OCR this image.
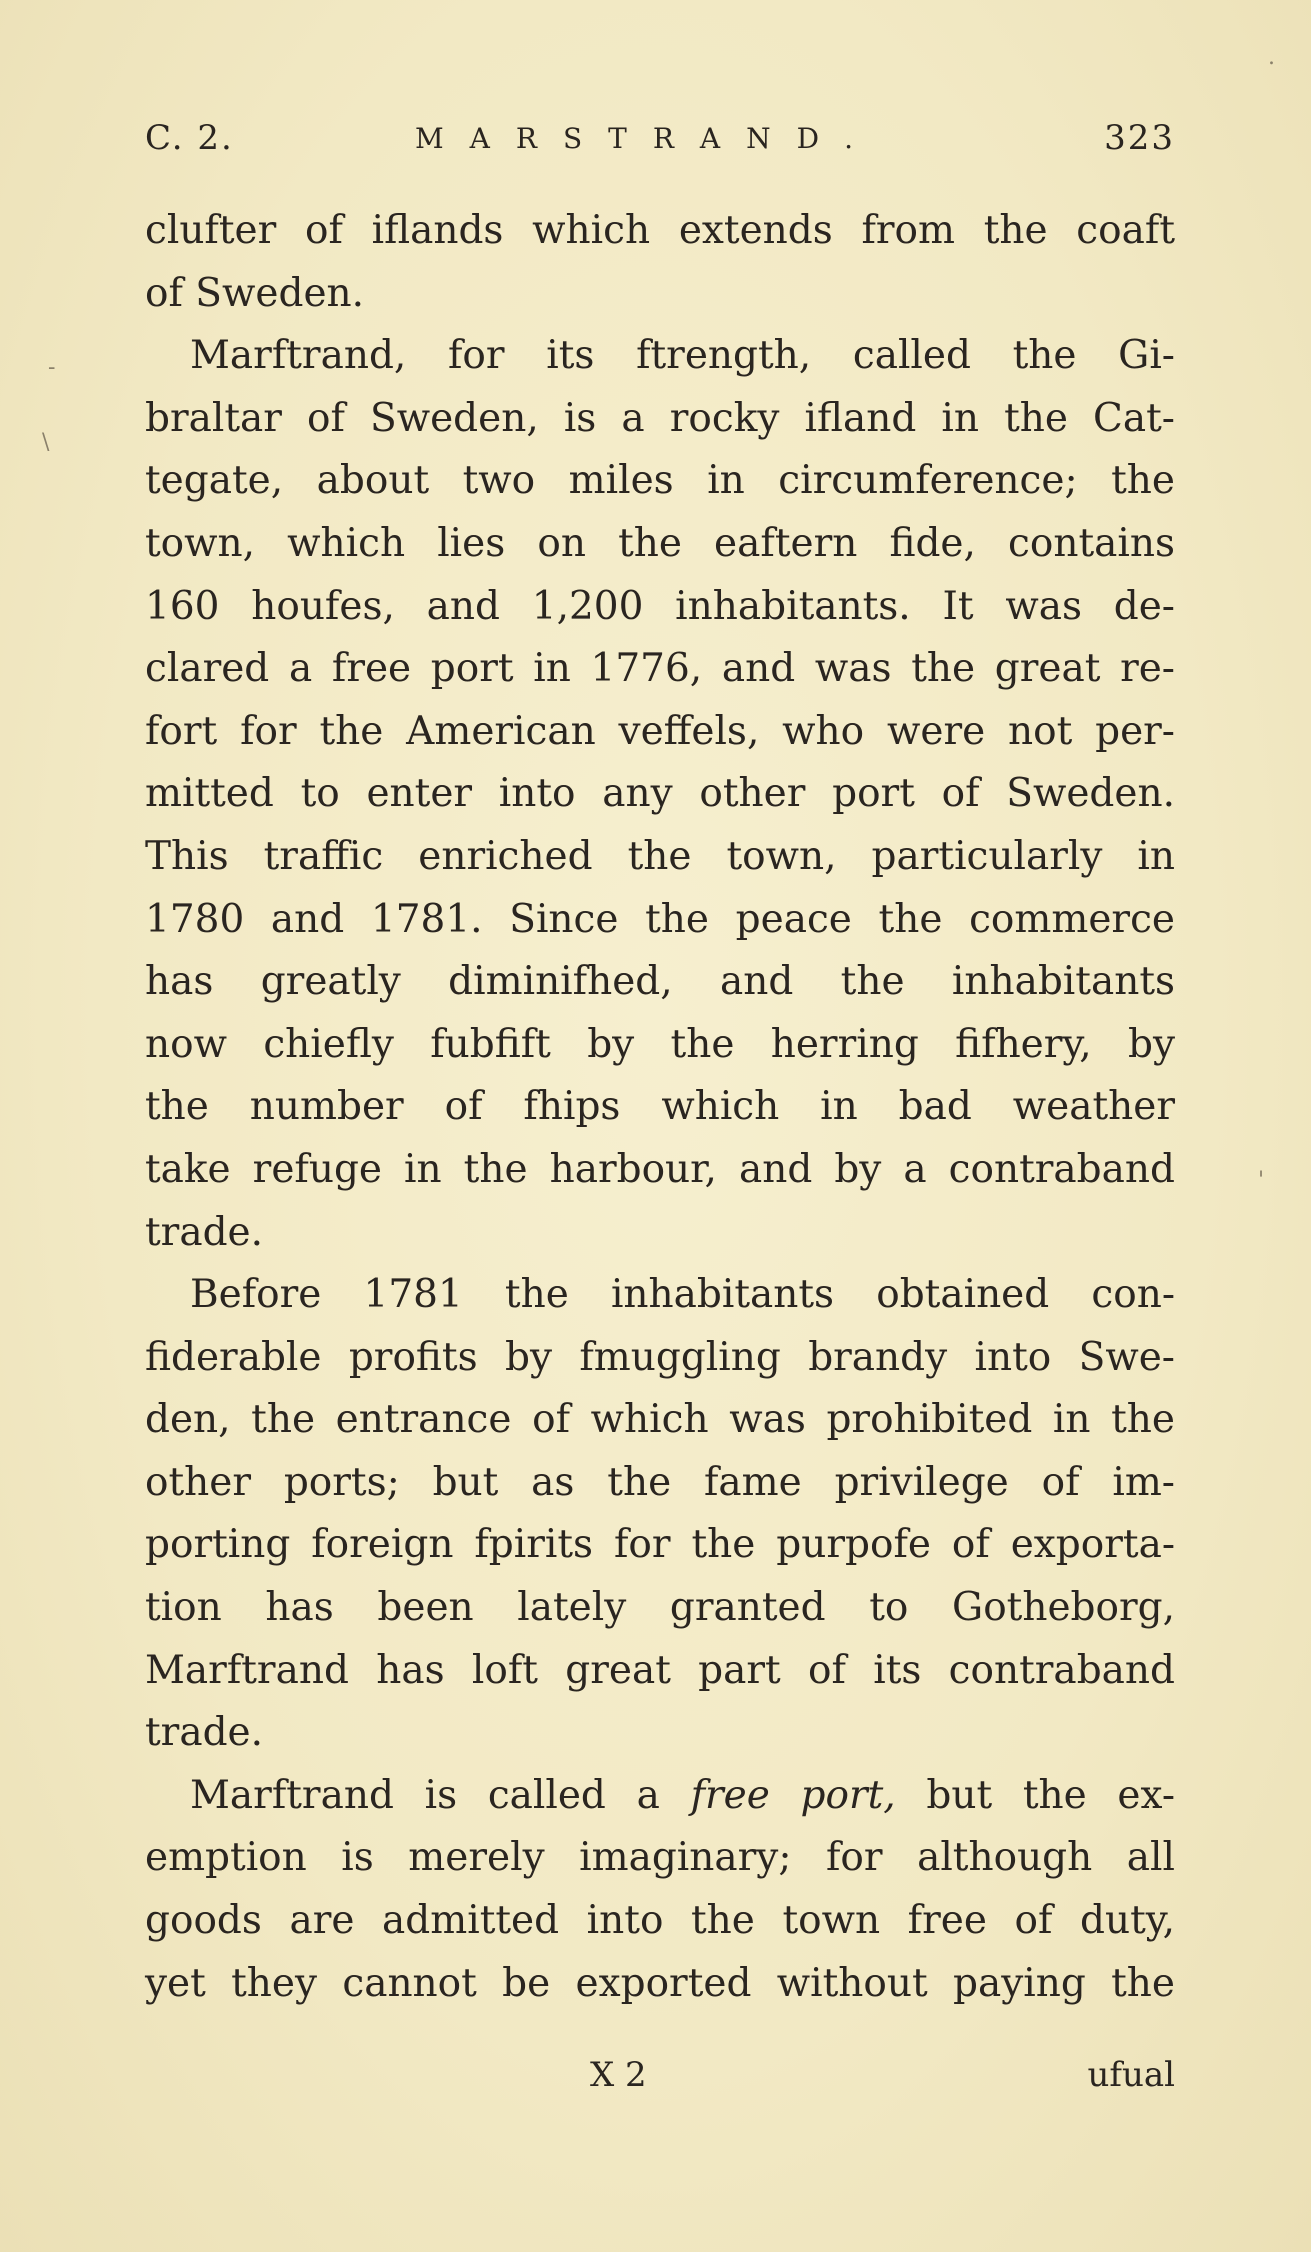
C. 2.	MARSTRAND.	323
clufter of iflands which extends from the coaft
of Sweden.
Marftrand, for its ftrength, called the Gi-
braltar of Sweden, is a rocky ifland in the Cat-
tegate, about two miles in circumference; the
town, which lies on the eaftern fide, contains
160 houfes, and 1,200 inhabitants. It was de-
clared a free port in 1776, and was the great re-
fort for the American veffels, who were not per-
mitted to enter into any other port of Sweden.
This traffic enriched the town, particularly in
1780 and 1781. Since the peace the commerce
has greatly diminifhed, and the inhabitants
now chiefly fubfift by the herring fifhery, by
the number of fhips which in bad weather
take refuge in the harbour, and by a contraband
trade.
Before 1781 the inhabitants obtained con-
fiderable profits by fmuggling brandy into Swe-
den, the entrance of which was prohibited in the
other ports; but as the fame privilege of im-
porting foreign fpirits for the purpofe of exporta-
tion has been lately granted to Gotheborg,
Marftrand has loft great part of its contraband
trade.
Marftrand is called a free port, but the ex-
emption is merely imaginary; for although all
goods are admitted into the town free of duty,
yet they cannot be exported without paying the
X 2	ufual
-
\
'
.
